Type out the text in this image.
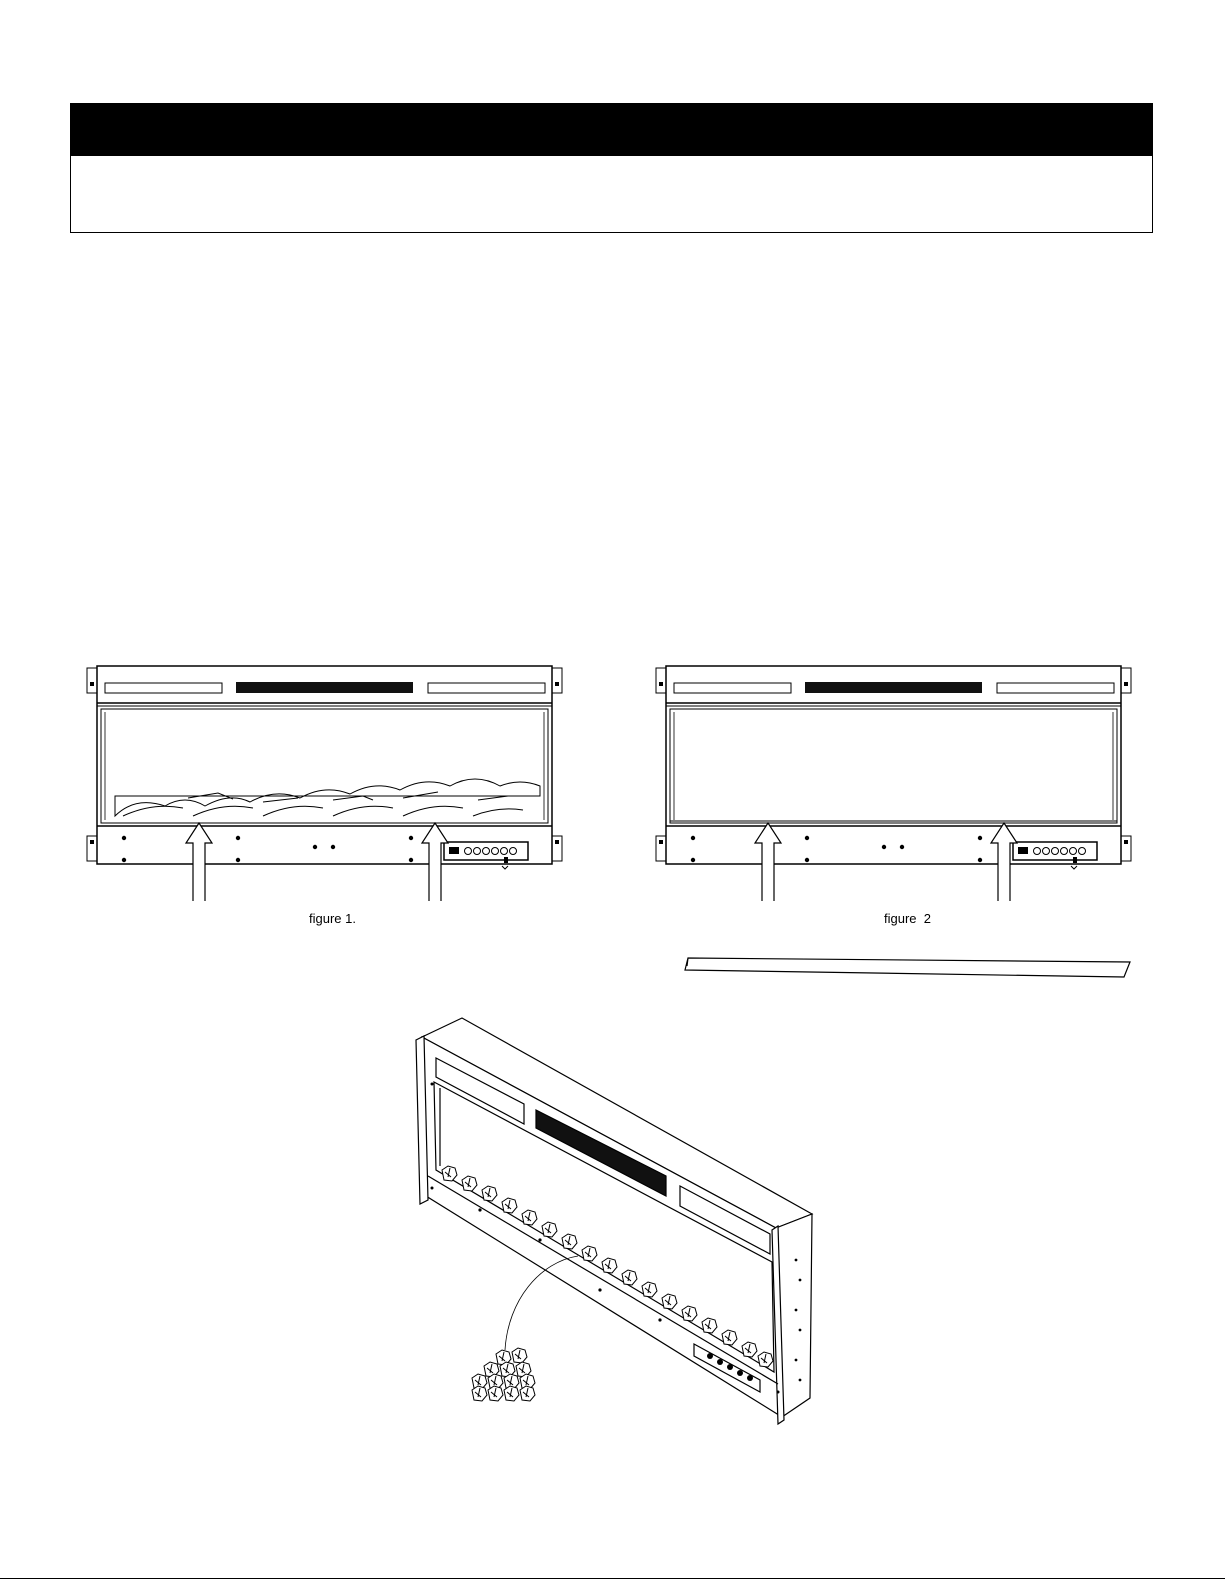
figure 1.	figure  2
